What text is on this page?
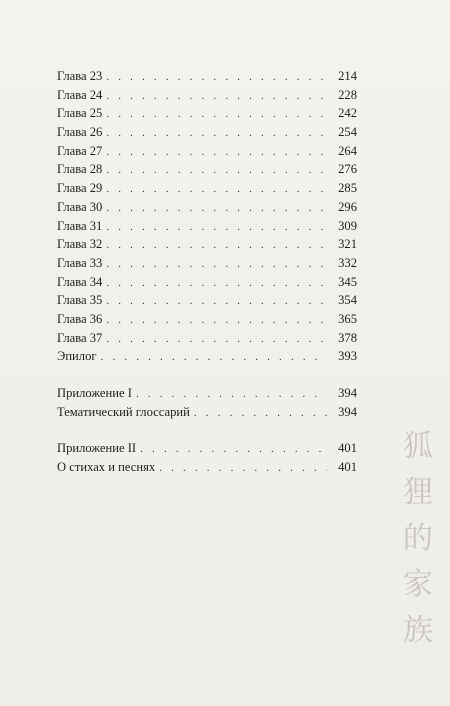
Глава 23 . . .	214
Глава 24 . . .	228
Глава 25 . . .	242
Глава 26 . . .	254
Глава 27 . . .	264
Глава 28 . . .	276
Глава 29 . . .	285
Глава 30 . . .	296
Глава 31 . . .	309
Глава 32 . . .	321
Глава 33 . . .	332
Глава 34 . . .	345
Глава 35 . . .	354
Глава 36 . . .	365
Глава 37 . . .	378
Эпилог . . .	393
Приложение I . . .	394
Тематический глоссарий . . .	394
Приложение II . . .	401
О стихах и песнях . . .	401
狐
狸
的
家
族
